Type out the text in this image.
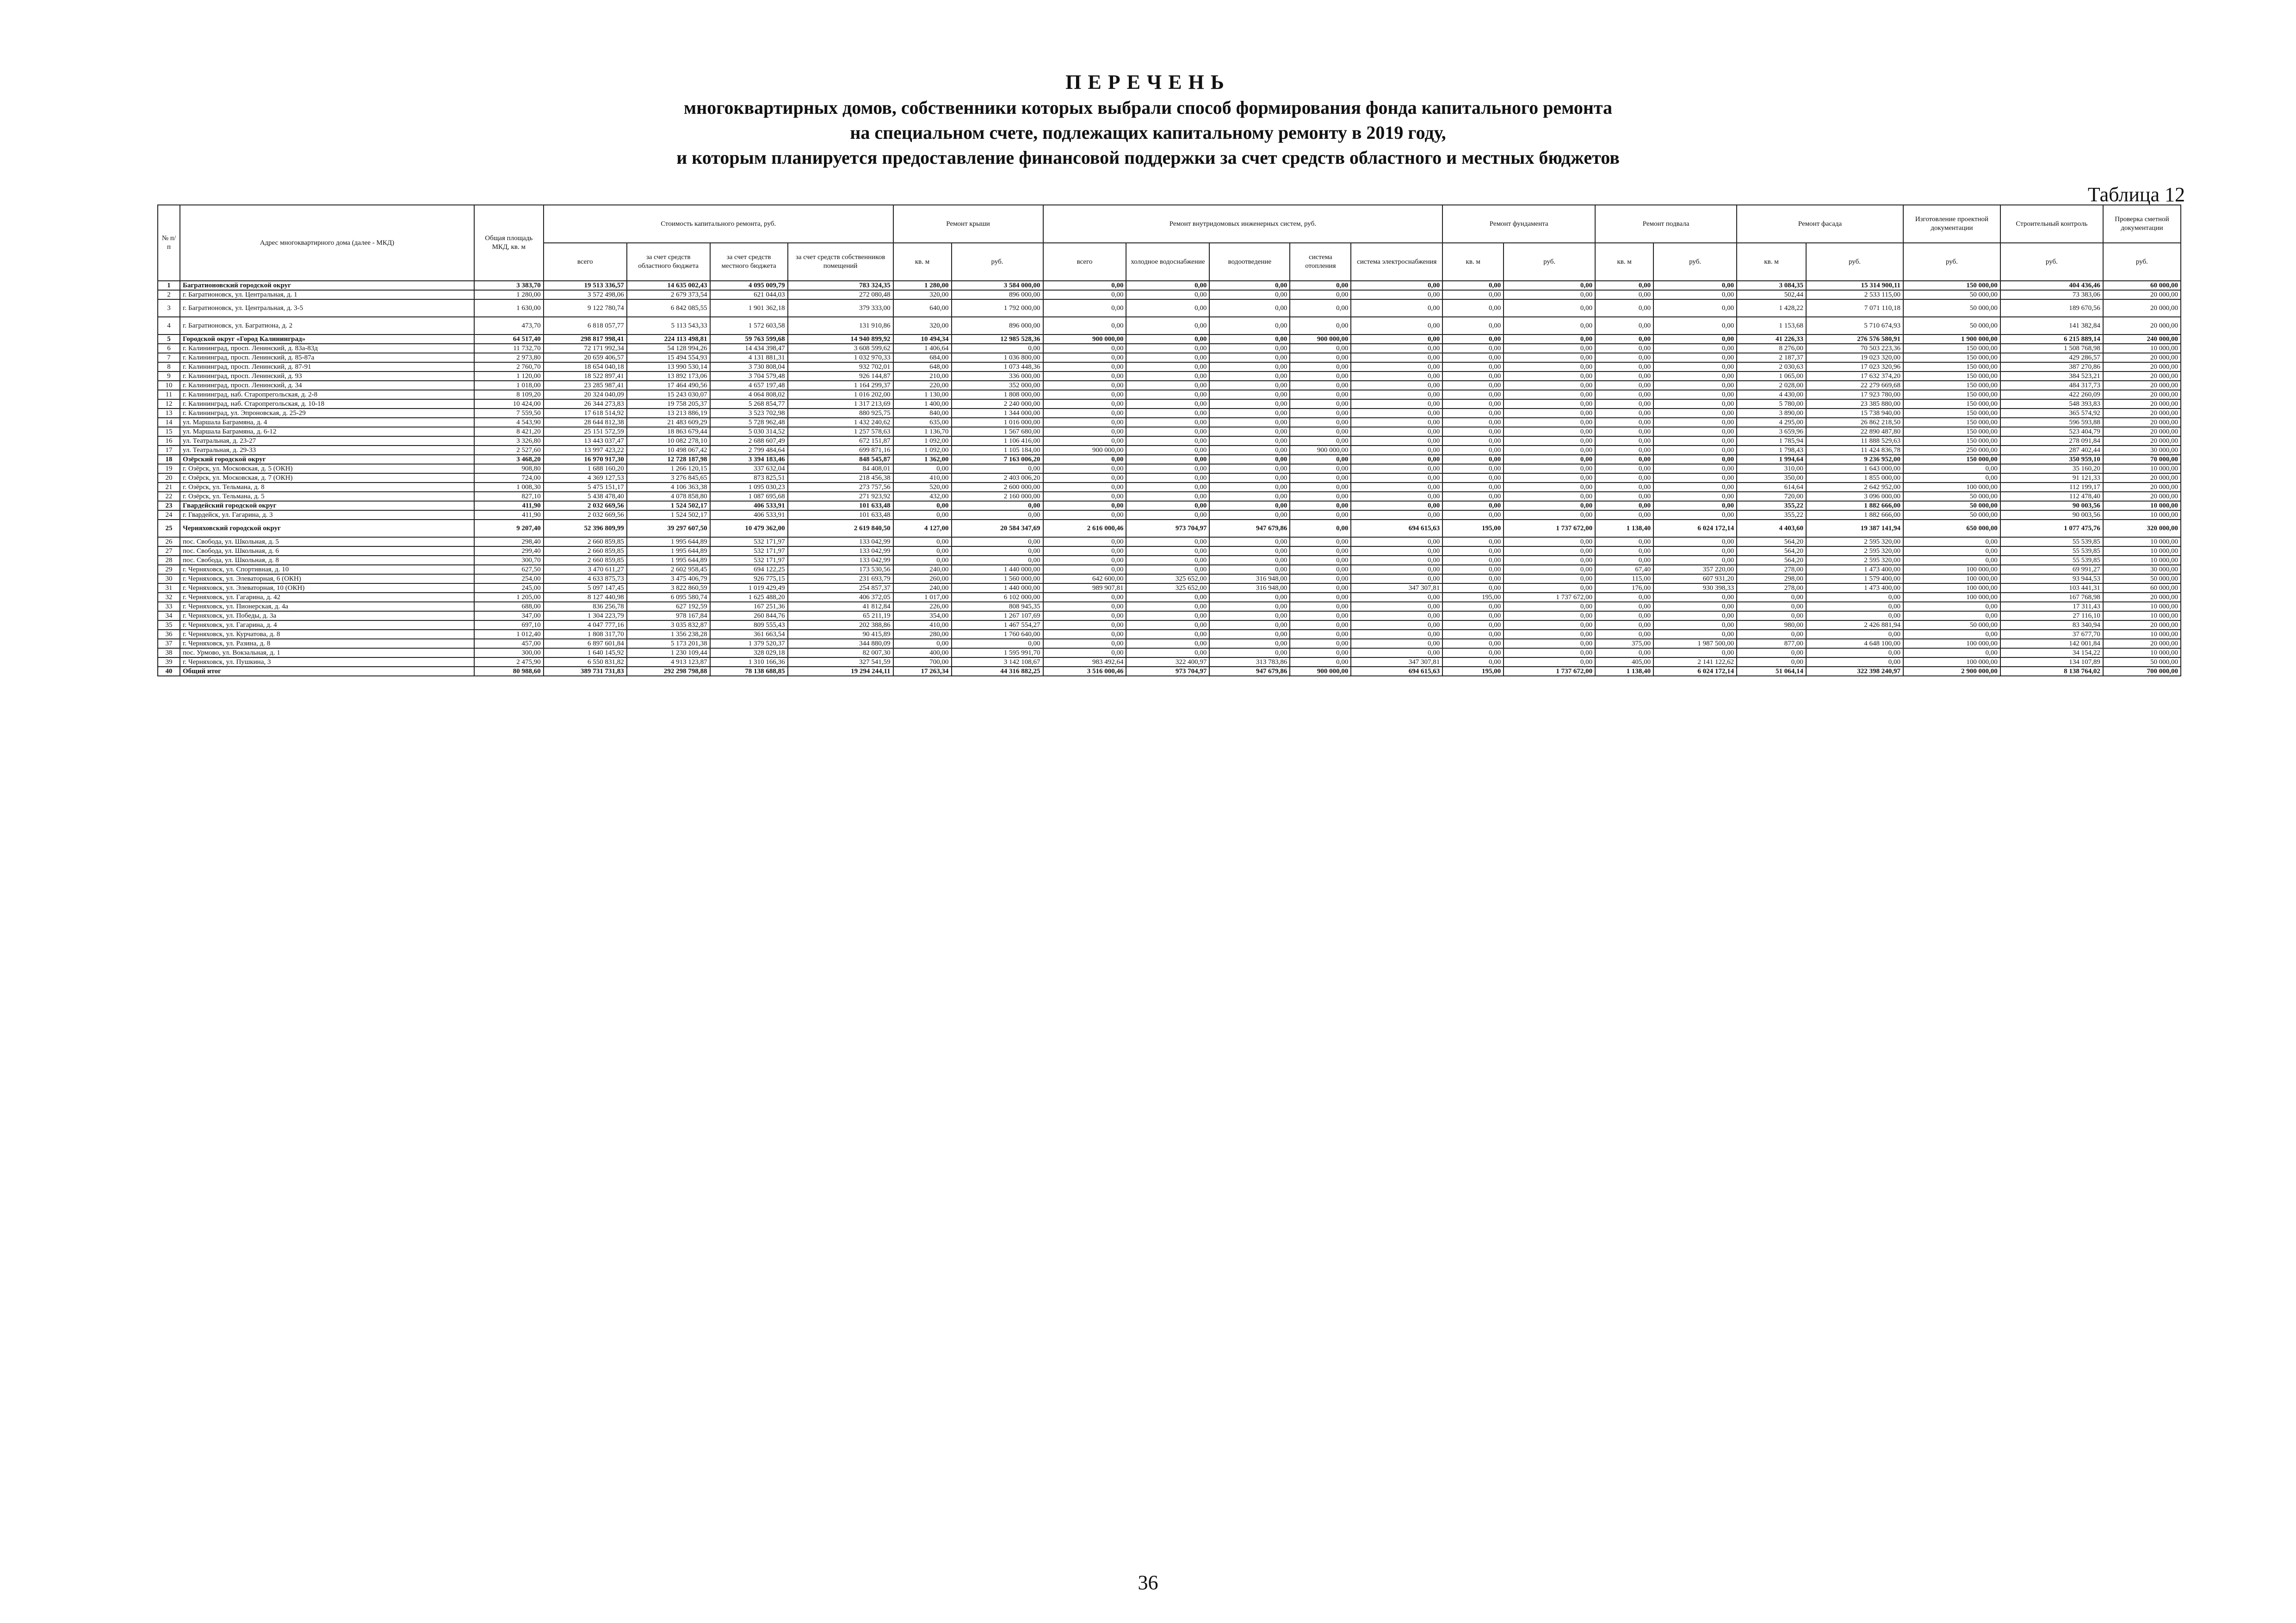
ПЕРЕЧЕНЬ
многоквартирных домов, собственники которых выбрали способ формирования фонда капитального ремонта
на специальном счете, подлежащих капитальному ремонту в 2019 году,
и которым планируется предоставление финансовой поддержки за счет средств областного и местных бюджетов
Таблица 12
№ п/п	Адрес многоквартирного дома (далее - МКД)	Общая площадь МКД, кв. м	Стоимость капитального ремонта, руб.				Ремонт крыши		Ремонт внутридомовых инженерных систем, руб.					Ремонт фундамента		Ремонт подвала		Ремонт фасада		Изготовление проектной документации	Строительный контроль	Проверка сметной документации
			всего	за счет средств областного бюджета	за счет средств местного бюджета	за счет средств собственников помещений	кв. м	руб.	всего	холодное водоснабжение	водоотведение	система отопления	система электроснабжения	кв. м	руб.	кв. м	руб.	кв. м	руб.	руб.	руб.	руб.
1	Багратионовский городской округ	3 383,70	19 513 336,57	14 635 002,43	4 095 009,79	783 324,35	1 280,00	3 584 000,00	0,00	0,00	0,00	0,00	0,00	0,00	0,00	0,00	0,00	3 084,35	15 314 900,11	150 000,00	404 436,46	60 000,00
2	г. Багратионовск, ул. Центральная, д. 1	1 280,00	3 572 498,06	2 679 373,54	621 044,03	272 080,48	320,00	896 000,00	0,00	0,00	0,00	0,00	0,00	0,00	0,00	0,00	0,00	502,44	2 533 115,00	50 000,00	73 383,06	20 000,00
3	г. Багратионовск, ул. Центральная, д. 3-5	1 630,00	9 122 780,74	6 842 085,55	1 901 362,18	379 333,00	640,00	1 792 000,00	0,00	0,00	0,00	0,00	0,00	0,00	0,00	0,00	0,00	1 428,22	7 071 110,18	50 000,00	189 670,56	20 000,00
4	г. Багратионовск, ул. Багратиона, д. 2	473,70	6 818 057,77	5 113 543,33	1 572 603,58	131 910,86	320,00	896 000,00	0,00	0,00	0,00	0,00	0,00	0,00	0,00	0,00	0,00	1 153,68	5 710 674,93	50 000,00	141 382,84	20 000,00
5	Городской округ «Город Калининград»	64 517,40	298 817 998,41	224 113 498,81	59 763 599,68	14 940 899,92	10 494,34	12 985 528,36	900 000,00	0,00	0,00	900 000,00	0,00	0,00	0,00	0,00	0,00	41 226,33	276 576 580,91	1 900 000,00	6 215 889,14	240 000,00
6	г. Калининград, просп. Ленинский, д. 83а-83д	11 732,70	72 171 992,34	54 128 994,26	14 434 398,47	3 608 599,62	1 406,64	0,00	0,00	0,00	0,00	0,00	0,00	0,00	0,00	0,00	0,00	8 276,00	70 503 223,36	150 000,00	1 508 768,98	10 000,00
7	г. Калининград, просп. Ленинский, д. 85-87а	2 973,80	20 659 406,57	15 494 554,93	4 131 881,31	1 032 970,33	684,00	1 036 800,00	0,00	0,00	0,00	0,00	0,00	0,00	0,00	0,00	0,00	2 187,37	19 023 320,00	150 000,00	429 286,57	20 000,00
8	г. Калининград, просп. Ленинский, д. 87-91	2 760,70	18 654 040,18	13 990 530,14	3 730 808,04	932 702,01	648,00	1 073 448,36	0,00	0,00	0,00	0,00	0,00	0,00	0,00	0,00	0,00	2 030,63	17 023 320,96	150 000,00	387 270,86	20 000,00
9	г. Калининград, просп. Ленинский, д. 93	1 120,00	18 522 897,41	13 892 173,06	3 704 579,48	926 144,87	210,00	336 000,00	0,00	0,00	0,00	0,00	0,00	0,00	0,00	0,00	0,00	1 065,00	17 632 374,20	150 000,00	384 523,21	20 000,00
10	г. Калининград, просп. Ленинский, д. 34	1 018,00	23 285 987,41	17 464 490,56	4 657 197,48	1 164 299,37	220,00	352 000,00	0,00	0,00	0,00	0,00	0,00	0,00	0,00	0,00	0,00	2 028,00	22 279 669,68	150 000,00	484 317,73	20 000,00
11	г. Калининград, наб. Старопрегольская, д. 2-8	8 109,20	20 324 040,09	15 243 030,07	4 064 808,02	1 016 202,00	1 130,00	1 808 000,00	0,00	0,00	0,00	0,00	0,00	0,00	0,00	0,00	0,00	4 430,00	17 923 780,00	150 000,00	422 260,09	20 000,00
12	г. Калининград, наб. Старопрегольская, д. 10-18	10 424,00	26 344 273,83	19 758 205,37	5 268 854,77	1 317 213,69	1 400,00	2 240 000,00	0,00	0,00	0,00	0,00	0,00	0,00	0,00	0,00	0,00	5 780,00	23 385 880,00	150 000,00	548 393,83	20 000,00
13	г. Калининград, ул. Эпроновская, д. 25-29	7 559,50	17 618 514,92	13 213 886,19	3 523 702,98	880 925,75	840,00	1 344 000,00	0,00	0,00	0,00	0,00	0,00	0,00	0,00	0,00	0,00	3 890,00	15 738 940,00	150 000,00	365 574,92	20 000,00
14	ул. Маршала Баграмяна, д. 4	4 543,90	28 644 812,38	21 483 609,29	5 728 962,48	1 432 240,62	635,00	1 016 000,00	0,00	0,00	0,00	0,00	0,00	0,00	0,00	0,00	0,00	4 295,00	26 862 218,50	150 000,00	596 593,88	20 000,00
15	ул. Маршала Баграмяна, д. 6-12	8 421,20	25 151 572,59	18 863 679,44	5 030 314,52	1 257 578,63	1 136,70	1 567 680,00	0,00	0,00	0,00	0,00	0,00	0,00	0,00	0,00	0,00	3 659,96	22 890 487,80	150 000,00	523 404,79	20 000,00
16	ул. Театральная, д. 23-27	3 326,80	13 443 037,47	10 082 278,10	2 688 607,49	672 151,87	1 092,00	1 106 416,00	0,00	0,00	0,00	0,00	0,00	0,00	0,00	0,00	0,00	1 785,94	11 888 529,63	150 000,00	278 091,84	20 000,00
17	ул. Театральная, д. 29-33	2 527,60	13 997 423,22	10 498 067,42	2 799 484,64	699 871,16	1 092,00	1 105 184,00	900 000,00	0,00	0,00	900 000,00	0,00	0,00	0,00	0,00	0,00	1 798,43	11 424 836,78	250 000,00	287 402,44	30 000,00
18	Озёрский городской округ	3 468,20	16 970 917,30	12 728 187,98	3 394 183,46	848 545,87	1 362,00	7 163 006,20	0,00	0,00	0,00	0,00	0,00	0,00	0,00	0,00	0,00	1 994,64	9 236 952,00	150 000,00	350 959,10	70 000,00
19	г. Озёрск, ул. Московская, д. 5 (ОКН)	908,80	1 688 160,20	1 266 120,15	337 632,04	84 408,01	0,00	0,00	0,00	0,00	0,00	0,00	0,00	0,00	0,00	0,00	0,00	310,00	1 643 000,00	0,00	35 160,20	10 000,00
20	г. Озёрск, ул. Московская, д. 7 (ОКН)	724,00	4 369 127,53	3 276 845,65	873 825,51	218 456,38	410,00	2 403 006,20	0,00	0,00	0,00	0,00	0,00	0,00	0,00	0,00	0,00	350,00	1 855 000,00	0,00	91 121,33	20 000,00
21	г. Озёрск, ул. Тельмана, д. 8	1 008,30	5 475 151,17	4 106 363,38	1 095 030,23	273 757,56	520,00	2 600 000,00	0,00	0,00	0,00	0,00	0,00	0,00	0,00	0,00	0,00	614,64	2 642 952,00	100 000,00	112 199,17	20 000,00
22	г. Озёрск, ул. Тельмана, д. 5	827,10	5 438 478,40	4 078 858,80	1 087 695,68	271 923,92	432,00	2 160 000,00	0,00	0,00	0,00	0,00	0,00	0,00	0,00	0,00	0,00	720,00	3 096 000,00	50 000,00	112 478,40	20 000,00
23	Гвардейский городской округ	411,90	2 032 669,56	1 524 502,17	406 533,91	101 633,48	0,00	0,00	0,00	0,00	0,00	0,00	0,00	0,00	0,00	0,00	0,00	355,22	1 882 666,00	50 000,00	90 003,56	10 000,00
24	г. Гвардейск, ул. Гагарина, д. 3	411,90	2 032 669,56	1 524 502,17	406 533,91	101 633,48	0,00	0,00	0,00	0,00	0,00	0,00	0,00	0,00	0,00	0,00	0,00	355,22	1 882 666,00	50 000,00	90 003,56	10 000,00
25	Черняховский городской округ	9 207,40	52 396 809,99	39 297 607,50	10 479 362,00	2 619 840,50	4 127,00	20 584 347,69	2 616 000,46	973 704,97	947 679,86	0,00	694 615,63	195,00	1 737 672,00	1 138,40	6 024 172,14	4 403,60	19 387 141,94	650 000,00	1 077 475,76	320 000,00
26	пос. Свобода, ул. Школьная, д. 5	298,40	2 660 859,85	1 995 644,89	532 171,97	133 042,99	0,00	0,00	0,00	0,00	0,00	0,00	0,00	0,00	0,00	0,00	0,00	564,20	2 595 320,00	0,00	55 539,85	10 000,00
27	пос. Свобода, ул. Школьная, д. 6	299,40	2 660 859,85	1 995 644,89	532 171,97	133 042,99	0,00	0,00	0,00	0,00	0,00	0,00	0,00	0,00	0,00	0,00	0,00	564,20	2 595 320,00	0,00	55 539,85	10 000,00
28	пос. Свобода, ул. Школьная, д. 8	300,70	2 660 859,85	1 995 644,89	532 171,97	133 042,99	0,00	0,00	0,00	0,00	0,00	0,00	0,00	0,00	0,00	0,00	0,00	564,20	2 595 320,00	0,00	55 539,85	10 000,00
29	г. Черняховск, ул. Спортивная, д. 10	627,50	3 470 611,27	2 602 958,45	694 122,25	173 530,56	240,00	1 440 000,00	0,00	0,00	0,00	0,00	0,00	0,00	0,00	67,40	357 220,00	278,00	1 473 400,00	100 000,00	69 991,27	30 000,00
30	г. Черняховск, ул. Элеваторная, 6 (ОКН)	254,00	4 633 875,73	3 475 406,79	926 775,15	231 693,79	260,00	1 560 000,00	642 600,00	325 652,00	316 948,00	0,00	0,00	0,00	0,00	115,00	607 931,20	298,00	1 579 400,00	100 000,00	93 944,53	50 000,00
31	г. Черняховск, ул. Элеваторная, 10 (ОКН)	245,00	5 097 147,45	3 822 860,59	1 019 429,49	254 857,37	240,00	1 440 000,00	989 907,81	325 652,00	316 948,00	0,00	347 307,81	0,00	0,00	176,00	930 398,33	278,00	1 473 400,00	100 000,00	103 441,31	60 000,00
32	г. Черняховск, ул. Гагарина, д. 42	1 205,00	8 127 440,98	6 095 580,74	1 625 488,20	406 372,05	1 017,00	6 102 000,00	0,00	0,00	0,00	0,00	0,00	195,00	1 737 672,00	0,00	0,00	0,00	0,00	100 000,00	167 768,98	20 000,00
33	г. Черняховск, ул. Пионерская, д. 4а	688,00	836 256,78	627 192,59	167 251,36	41 812,84	226,00	808 945,35	0,00	0,00	0,00	0,00	0,00	0,00	0,00	0,00	0,00	0,00	0,00	0,00	17 311,43	10 000,00
34	г. Черняховск, ул. Победы, д. 3а	347,00	1 304 223,79	978 167,84	260 844,76	65 211,19	354,00	1 267 107,69	0,00	0,00	0,00	0,00	0,00	0,00	0,00	0,00	0,00	0,00	0,00	0,00	27 116,10	10 000,00
35	г. Черняховск, ул. Гагарина, д. 4	697,10	4 047 777,16	3 035 832,87	809 555,43	202 388,86	410,00	1 467 554,27	0,00	0,00	0,00	0,00	0,00	0,00	0,00	0,00	0,00	980,00	2 426 881,94	50 000,00	83 340,94	20 000,00
36	г. Черняховск, ул. Курчатова, д. 8	1 012,40	1 808 317,70	1 356 238,28	361 663,54	90 415,89	280,00	1 760 640,00	0,00	0,00	0,00	0,00	0,00	0,00	0,00	0,00	0,00	0,00	0,00	0,00	37 677,70	10 000,00
37	г. Черняховск, ул. Разина, д. 8	457,00	6 897 601,84	5 173 201,38	1 379 520,37	344 880,09	0,00	0,00	0,00	0,00	0,00	0,00	0,00	0,00	0,00	375,00	1 987 500,00	877,00	4 648 100,00	100 000,00	142 001,84	20 000,00
38	пос. Урмово, ул. Вокзальная, д. 1	300,00	1 640 145,92	1 230 109,44	328 029,18	82 007,30	400,00	1 595 991,70	0,00	0,00	0,00	0,00	0,00	0,00	0,00	0,00	0,00	0,00	0,00	0,00	34 154,22	10 000,00
39	г. Черняховск, ул. Пушкина, 3	2 475,90	6 550 831,82	4 913 123,87	1 310 166,36	327 541,59	700,00	3 142 108,67	983 492,64	322 400,97	313 783,86	0,00	347 307,81	0,00	0,00	405,00	2 141 122,62	0,00	0,00	100 000,00	134 107,89	50 000,00
40	Общий итог	80 988,60	389 731 731,83	292 298 798,88	78 138 688,85	19 294 244,11	17 263,34	44 316 882,25	3 516 000,46	973 704,97	947 679,86	900 000,00	694 615,63	195,00	1 737 672,00	1 138,40	6 024 172,14	51 064,14	322 398 240,97	2 900 000,00	8 138 764,02	700 000,00
36
